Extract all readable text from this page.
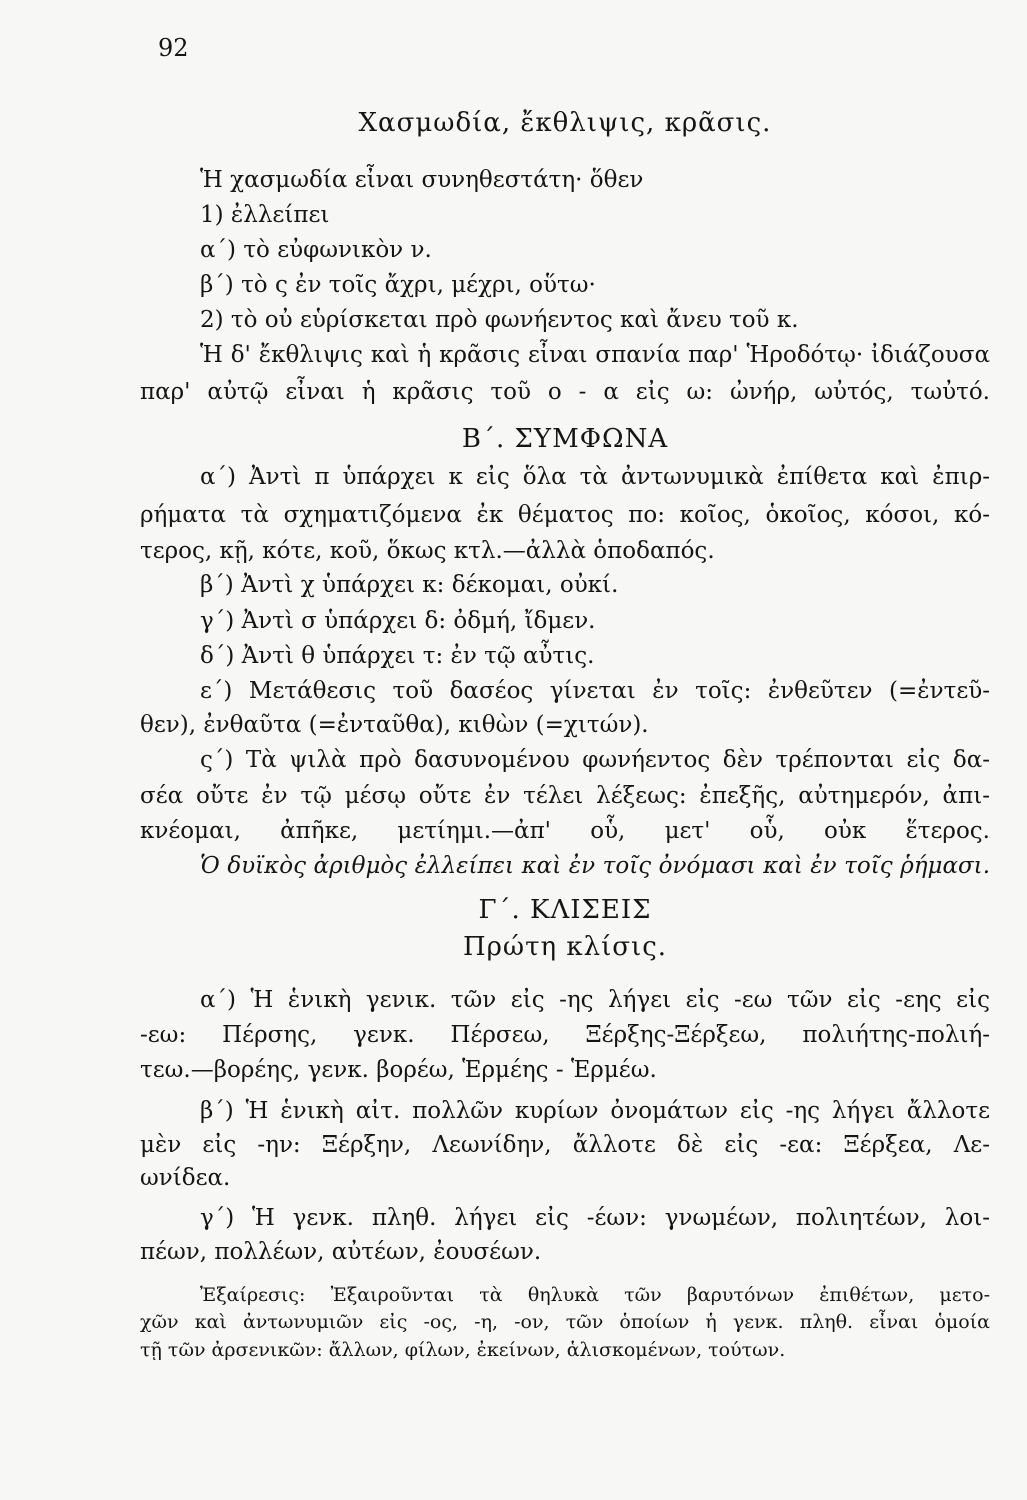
92
Χασμωδία, ἔκθλιψις, κρᾶσις.
Ἡ χασμωδία εἶναι συνηθεστάτη· ὅθεν
1) ἐλλείπει
α΄) τὸ εὐφωνικὸν ν.
β΄) τὸ ς ἐν τοῖς ἄχρι, μέχρι, οὕτω·
2) τὸ οὐ εὑρίσκεται πρὸ φωνήεντος καὶ ἄνευ τοῦ κ.
Ἡ δ' ἔκθλιψις καὶ ἡ κρᾶσις εἶναι σπανία παρ' Ἡροδότῳ· ἰδιάζουσα
παρ' αὐτῷ εἶναι ἡ κρᾶσις τοῦ ο - α εἰς ω: ὠνήρ, ωὐτός, τωὐτό.
Β΄. ΣΥΜΦΩΝΑ
α΄) Ἀντὶ π ὑπάρχει κ εἰς ὅλα τὰ ἀντωνυμικὰ ἐπίθετα καὶ ἐπιρ-
ρήματα τὰ σχηματιζόμενα ἐκ θέματος πο: κοῖος, ὁκοῖος, κόσοι, κό-
τερος, κῇ, κότε, κοῦ, ὅκως κτλ.—ἀλλὰ ὁποδαπός.
β΄) Ἀντὶ χ ὑπάρχει κ: δέκομαι, οὐκί.
γ΄) Ἀντὶ σ ὑπάρχει δ: ὀδμή, ἴδμεν.
δ΄) Ἀντὶ θ ὑπάρχει τ: ἐν τῷ αὖτις.
ε΄) Μετάθεσις τοῦ δασέος γίνεται ἐν τοῖς: ἐνθεῦτεν (=ἐντεῦ-
θεν), ἐνθαῦτα (=ἐνταῦθα), κιθὼν (=χιτών).
ς΄) Τὰ ψιλὰ πρὸ δασυνομένου φωνήεντος δὲν τρέπονται εἰς δα-
σέα οὔτε ἐν τῷ μέσῳ οὔτε ἐν τέλει λέξεως: ἐπεξῆς, αὐτημερόν, ἀπι-
κνέομαι, ἀπῆκε, μετίημι.—ἀπ' οὗ, μετ' οὗ, οὐκ ἕτερος.
Ὁ δυϊκὸς ἀριθμὸς ἐλλείπει καὶ ἐν τοῖς ὀνόμασι καὶ ἐν τοῖς ῥήμασι.
Γ΄. ΚΛΙΣΕΙΣ
Πρώτη κλίσις.
α΄) Ἡ ἑνικὴ γενικ. τῶν εἰς -ης λήγει εἰς -εω τῶν εἰς -εης εἰς
-εω: Πέρσης, γενκ. Πέρσεω, Ξέρξης-Ξέρξεω, πολιήτης-πολιή-
τεω.—βορέης, γενκ. βορέω, Ἑρμέης - Ἑρμέω.
β΄) Ἡ ἑνικὴ αἰτ. πολλῶν κυρίων ὀνομάτων εἰς -ης λήγει ἄλλοτε
μὲν εἰς -ην: Ξέρξην, Λεωνίδην, ἄλλοτε δὲ εἰς -εα: Ξέρξεα, Λε-
ωνίδεα.
γ΄) Ἡ γενκ. πληθ. λήγει εἰς -έων: γνωμέων, πολιητέων, λοι-
πέων, πολλέων, αὐτέων, ἐουσέων.
Ἐξαίρεσις: Ἐξαιροῦνται τὰ θηλυκὰ τῶν βαρυτόνων ἐπιθέτων, μετο-
χῶν καὶ ἀντωνυμιῶν εἰς -ος, -η, -ον, τῶν ὁποίων ἡ γενκ. πληθ. εἶναι ὁμοία
τῇ τῶν ἀρσενικῶν: ἄλλων, φίλων, ἐκείνων, ἁλισκομένων, τούτων.
